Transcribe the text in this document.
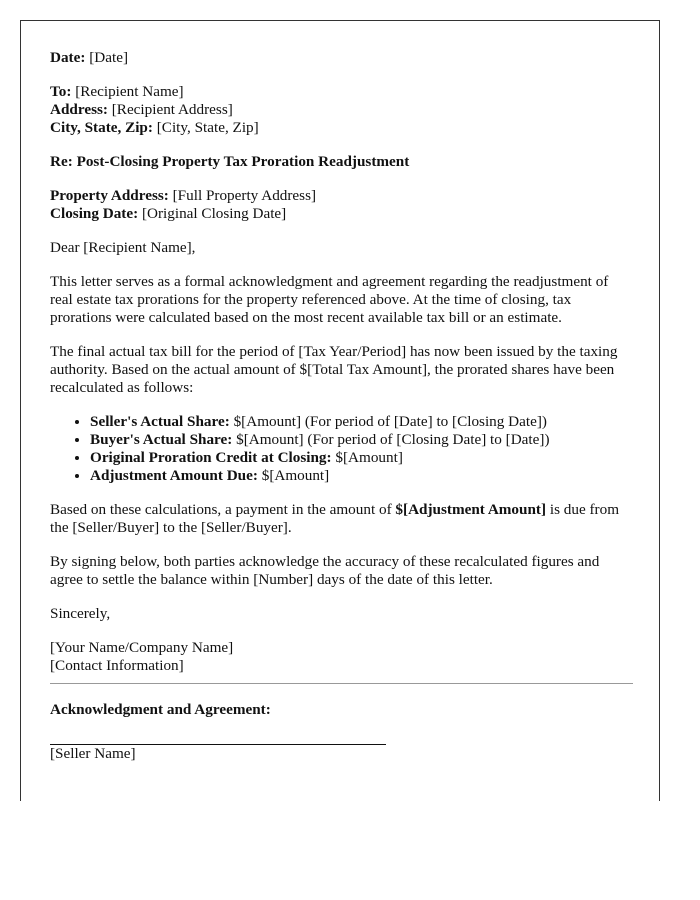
Date: [Date]

To: [Recipient Name]
Address: [Recipient Address]
City, State, Zip: [City, State, Zip]

Re: Post-Closing Property Tax Proration Readjustment

Property Address: [Full Property Address]
Closing Date: [Original Closing Date]

Dear [Recipient Name],

This letter serves as a formal acknowledgment and agreement regarding the readjustment of real estate tax prorations for the property referenced above. At the time of closing, tax prorations were calculated based on the most recent available tax bill or an estimate.

The final actual tax bill for the period of [Tax Year/Period] has now been issued by the taxing authority. Based on the actual amount of $[Total Tax Amount], the prorated shares have been recalculated as follows:

• Seller's Actual Share: $[Amount] (For period of [Date] to [Closing Date])
• Buyer's Actual Share: $[Amount] (For period of [Closing Date] to [Date])
• Original Proration Credit at Closing: $[Amount]
• Adjustment Amount Due: $[Amount]

Based on these calculations, a payment in the amount of $[Adjustment Amount] is due from the [Seller/Buyer] to the [Seller/Buyer].

By signing below, both parties acknowledge the accuracy of these recalculated figures and agree to settle the balance within [Number] days of the date of this letter.

Sincerely,

[Your Name/Company Name]
[Contact Information]

Acknowledgment and Agreement:

[Seller Name]
